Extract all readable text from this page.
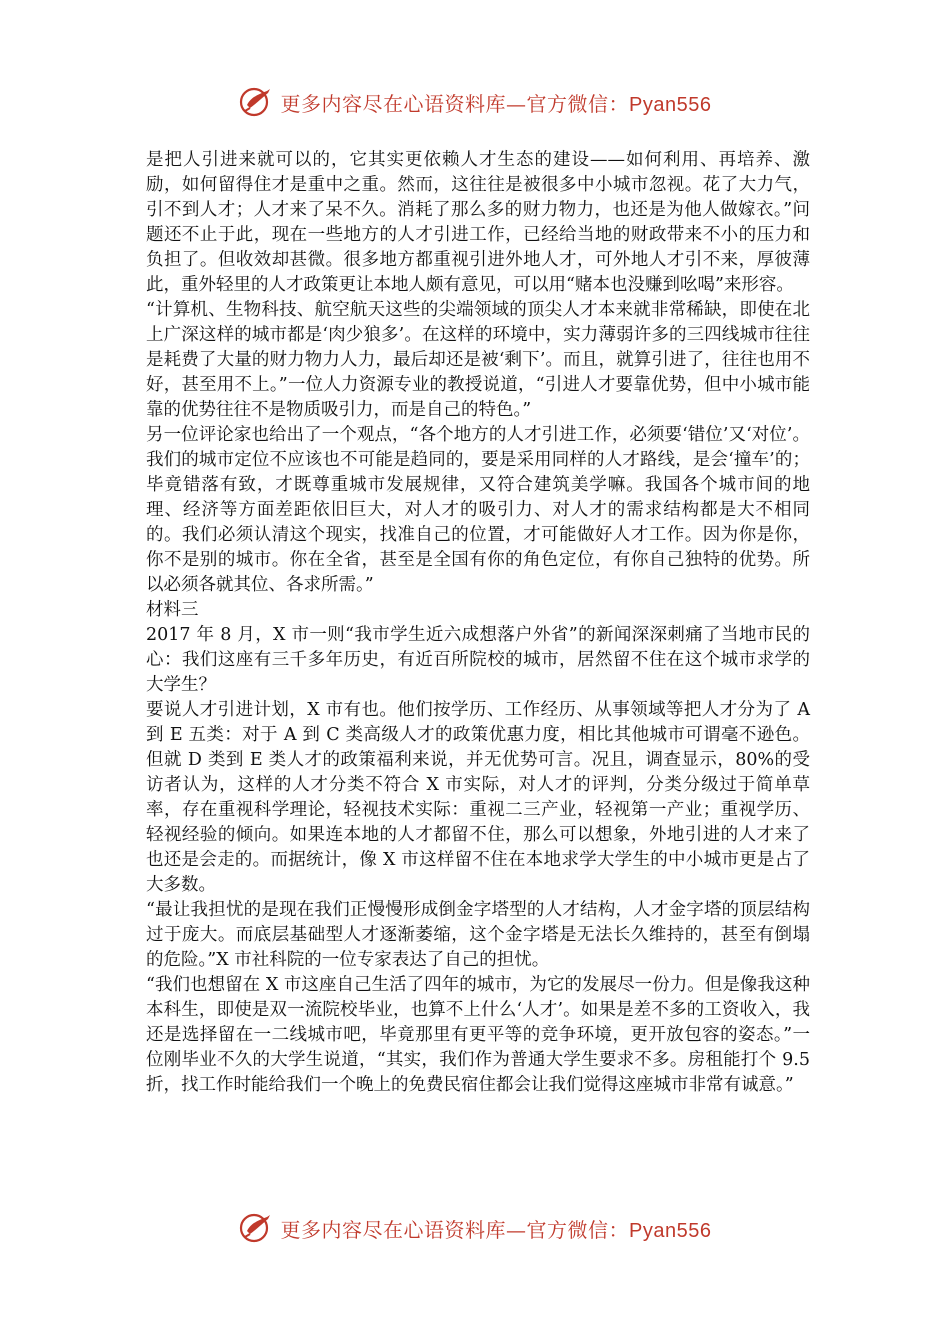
更多内容尽在心语资料库—官方微信：Pyan556

是把人引进来就可以的，它其实更依赖人才生态的建设——如何利用、再培养、激励，如何留得住才是重中之重。然而，这往往是被很多中小城市忽视。花了大力气，引不到人才；人才来了呆不久。消耗了那么多的财力物力，也还是为他人做嫁衣。”问题还不止于此，现在一些地方的人才引进工作，已经给当地的财政带来不小的压力和负担了。但收效却甚微。很多地方都重视引进外地人才，可外地人才引不来，厚彼薄此，重外轻里的人才政策更让本地人颇有意见，可以用“赌本也没赚到吆喝”来形容。

“计算机、生物科技、航空航天这些的尖端领域的顶尖人才本来就非常稀缺，即使在北上广深这样的城市都是‘肉少狼多’。在这样的环境中，实力薄弱许多的三四线城市往往是耗费了大量的财力物力人力，最后却还是被‘剩下’。而且，就算引进了，往往也用不好，甚至用不上。”一位人力资源专业的教授说道，“引进人才要靠优势，但中小城市能靠的优势往往不是物质吸引力，而是自己的特色。”

另一位评论家也给出了一个观点，“各个地方的人才引进工作，必须要‘错位’又‘对位’。我们的城市定位不应该也不可能是趋同的，要是采用同样的人才路线，是会‘撞车’的；毕竟错落有致，才既尊重城市发展规律，又符合建筑美学嘛。我国各个城市间的地理、经济等方面差距依旧巨大，对人才的吸引力、对人才的需求结构都是大不相同的。我们必须认清这个现实，找准自己的位置，才可能做好人才工作。因为你是你，你不是别的城市。你在全省，甚至是全国有你的角色定位，有你自己独特的优势。所以必须各就其位、各求所需。”

材料三

2017 年 8 月，X 市一则“我市学生近六成想落户外省”的新闻深深刺痛了当地市民的心：我们这座有三千多年历史，有近百所院校的城市，居然留不住在这个城市求学的大学生？

要说人才引进计划，X 市有也。他们按学历、工作经历、从事领域等把人才分为了 A 到 E 五类：对于 A 到 C 类高级人才的政策优惠力度，相比其他城市可谓毫不逊色。但就 D 类到 E 类人才的政策福利来说，并无优势可言。况且，调查显示，80%的受访者认为，这样的人才分类不符合 X 市实际，对人才的评判，分类分级过于简单草率，存在重视科学理论，轻视技术实际：重视二三产业，轻视第一产业；重视学历、轻视经验的倾向。如果连本地的人才都留不住，那么可以想象，外地引进的人才来了也还是会走的。而据统计，像 X 市这样留不住在本地求学大学生的中小城市更是占了大多数。

“最让我担忧的是现在我们正慢慢形成倒金字塔型的人才结构，人才金字塔的顶层结构过于庞大。而底层基础型人才逐渐萎缩，这个金字塔是无法长久维持的，甚至有倒塌的危险。”X 市社科院的一位专家表达了自己的担忧。

“我们也想留在 X 市这座自己生活了四年的城市，为它的发展尽一份力。但是像我这种本科生，即使是双一流院校毕业，也算不上什么‘人才’。如果是差不多的工资收入，我还是选择留在一二线城市吧，毕竟那里有更平等的竞争环境，更开放包容的姿态。”一位刚毕业不久的大学生说道，“其实，我们作为普通大学生要求不多。房租能打个 9.5 折，找工作时能给我们一个晚上的免费民宿住都会让我们觉得这座城市非常有诚意。”

更多内容尽在心语资料库—官方微信：Pyan556
